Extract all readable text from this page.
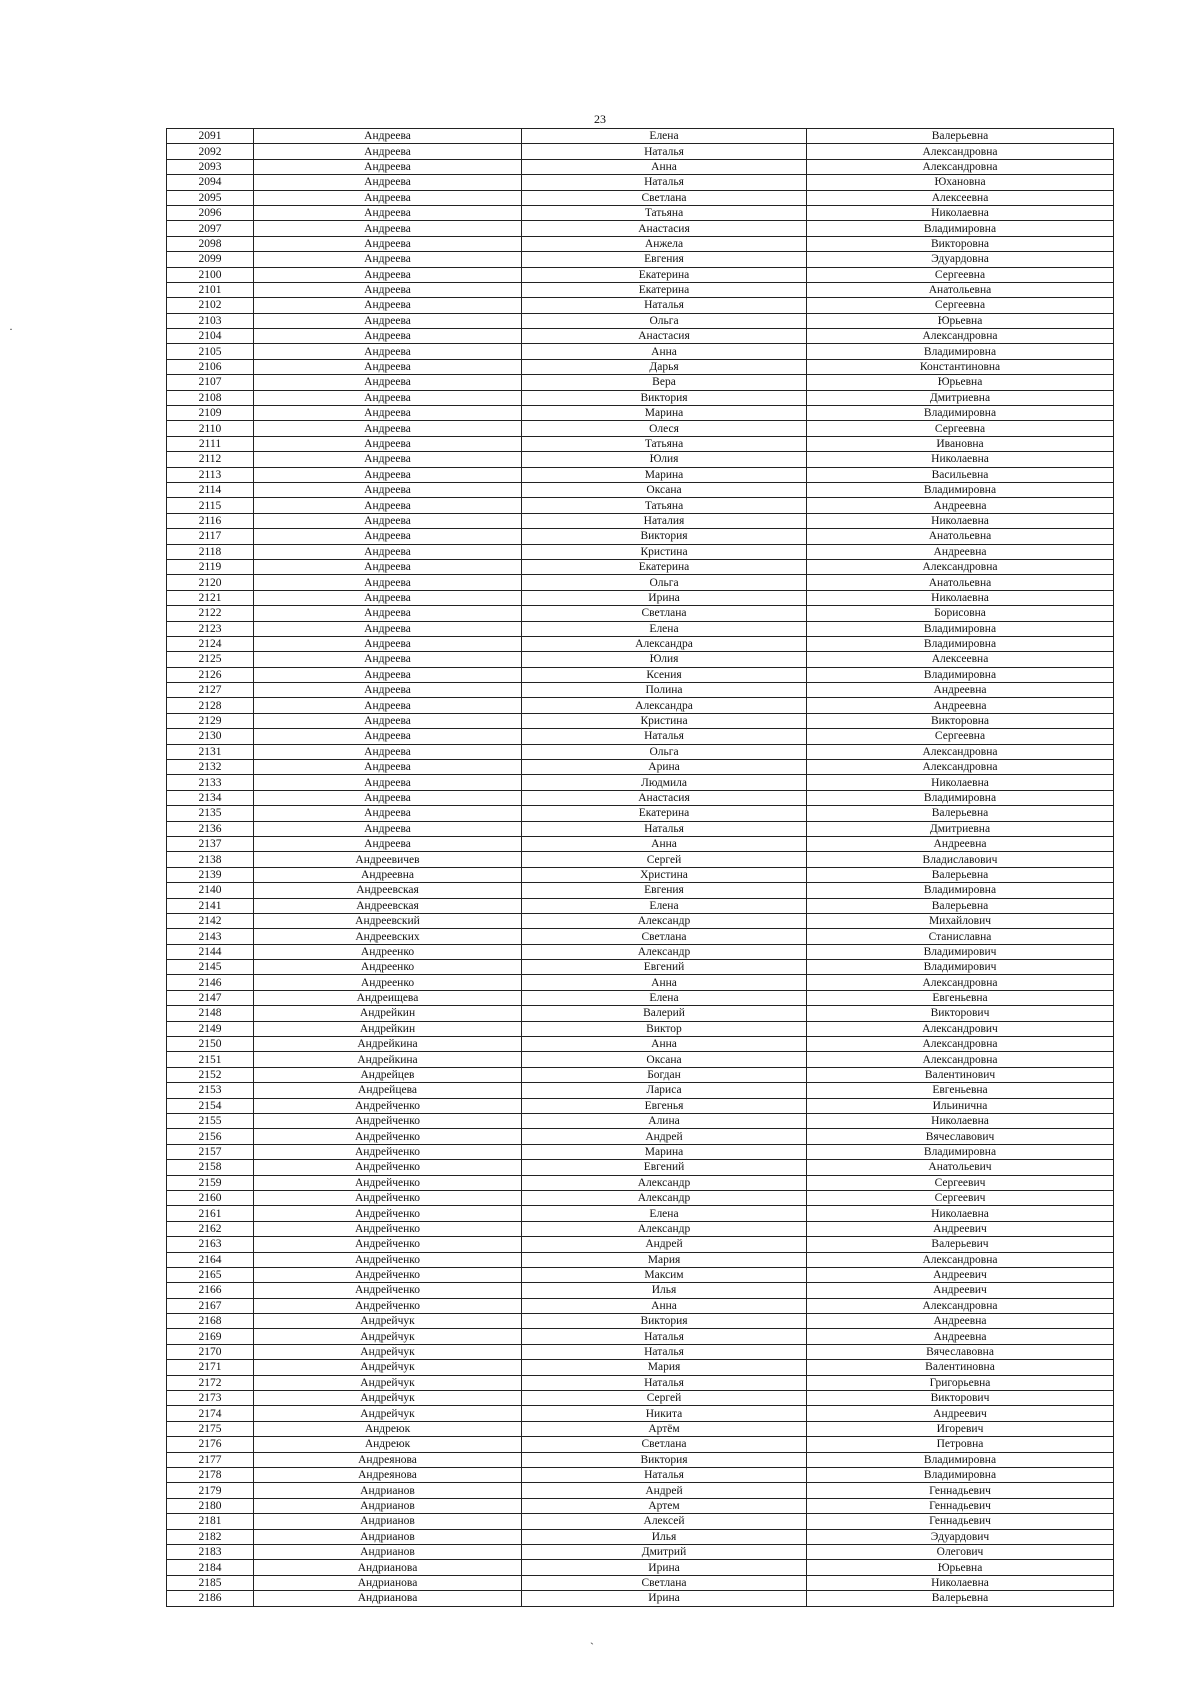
23
2091	Андреева	Елена	Валерьевна
2092	Андреева	Наталья	Александровна
2093	Андреева	Анна	Александровна
2094	Андреева	Наталья	Юхановна
2095	Андреева	Светлана	Алексеевна
2096	Андреева	Татьяна	Николаевна
2097	Андреева	Анастасия	Владимировна
2098	Андреева	Анжела	Викторовна
2099	Андреева	Евгения	Эдуардовна
2100	Андреева	Екатерина	Сергеевна
2101	Андреева	Екатерина	Анатольевна
2102	Андреева	Наталья	Сергеевна
2103	Андреева	Ольга	Юрьевна
2104	Андреева	Анастасия	Александровна
2105	Андреева	Анна	Владимировна
2106	Андреева	Дарья	Константиновна
2107	Андреева	Вера	Юрьевна
2108	Андреева	Виктория	Дмитриевна
2109	Андреева	Марина	Владимировна
2110	Андреева	Олеся	Сергеевна
2111	Андреева	Татьяна	Ивановна
2112	Андреева	Юлия	Николаевна
2113	Андреева	Марина	Васильевна
2114	Андреева	Оксана	Владимировна
2115	Андреева	Татьяна	Андреевна
2116	Андреева	Наталия	Николаевна
2117	Андреева	Виктория	Анатольевна
2118	Андреева	Кристина	Андреевна
2119	Андреева	Екатерина	Александровна
2120	Андреева	Ольга	Анатольевна
2121	Андреева	Ирина	Николаевна
2122	Андреева	Светлана	Борисовна
2123	Андреева	Елена	Владимировна
2124	Андреева	Александра	Владимировна
2125	Андреева	Юлия	Алексеевна
2126	Андреева	Ксения	Владимировна
2127	Андреева	Полина	Андреевна
2128	Андреева	Александра	Андреевна
2129	Андреева	Кристина	Викторовна
2130	Андреева	Наталья	Сергеевна
2131	Андреева	Ольга	Александровна
2132	Андреева	Арина	Александровна
2133	Андреева	Людмила	Николаевна
2134	Андреева	Анастасия	Владимировна
2135	Андреева	Екатерина	Валерьевна
2136	Андреева	Наталья	Дмитриевна
2137	Андреева	Анна	Андреевна
2138	Андреевичев	Сергей	Владиславович
2139	Андреевна	Христина	Валерьевна
2140	Андреевская	Евгения	Владимировна
2141	Андреевская	Елена	Валерьевна
2142	Андреевский	Александр	Михайлович
2143	Андреевских	Светлана	Станиславна
2144	Андреенко	Александр	Владимирович
2145	Андреенко	Евгений	Владимирович
2146	Андреенко	Анна	Александровна
2147	Андреищева	Елена	Евгеньевна
2148	Андрейкин	Валерий	Викторович
2149	Андрейкин	Виктор	Александрович
2150	Андрейкина	Анна	Александровна
2151	Андрейкина	Оксана	Александровна
2152	Андрейцев	Богдан	Валентинович
2153	Андрейцева	Лариса	Евгеньевна
2154	Андрейченко	Евгенья	Ильинична
2155	Андрейченко	Алина	Николаевна
2156	Андрейченко	Андрей	Вячеславович
2157	Андрейченко	Марина	Владимировна
2158	Андрейченко	Евгений	Анатольевич
2159	Андрейченко	Александр	Сергеевич
2160	Андрейченко	Александр	Сергеевич
2161	Андрейченко	Елена	Николаевна
2162	Андрейченко	Александр	Андреевич
2163	Андрейченко	Андрей	Валерьевич
2164	Андрейченко	Мария	Александровна
2165	Андрейченко	Максим	Андреевич
2166	Андрейченко	Илья	Андреевич
2167	Андрейченко	Анна	Александровна
2168	Андрейчук	Виктория	Андреевна
2169	Андрейчук	Наталья	Андреевна
2170	Андрейчук	Наталья	Вячеславовна
2171	Андрейчук	Мария	Валентиновна
2172	Андрейчук	Наталья	Григорьевна
2173	Андрейчук	Сергей	Викторович
2174	Андрейчук	Никита	Андреевич
2175	Андреюк	Артём	Игоревич
2176	Андреюк	Светлана	Петровна
2177	Андреянова	Виктория	Владимировна
2178	Андреянова	Наталья	Владимировна
2179	Андрианов	Андрей	Геннадьевич
2180	Андрианов	Артем	Геннадьевич
2181	Андрианов	Алексей	Геннадьевич
2182	Андрианов	Илья	Эдуардович
2183	Андрианов	Дмитрий	Олегович
2184	Андрианова	Ирина	Юрьевна
2185	Андрианова	Светлана	Николаевна
2186	Андрианова	Ирина	Валерьевна
·
ˋ
